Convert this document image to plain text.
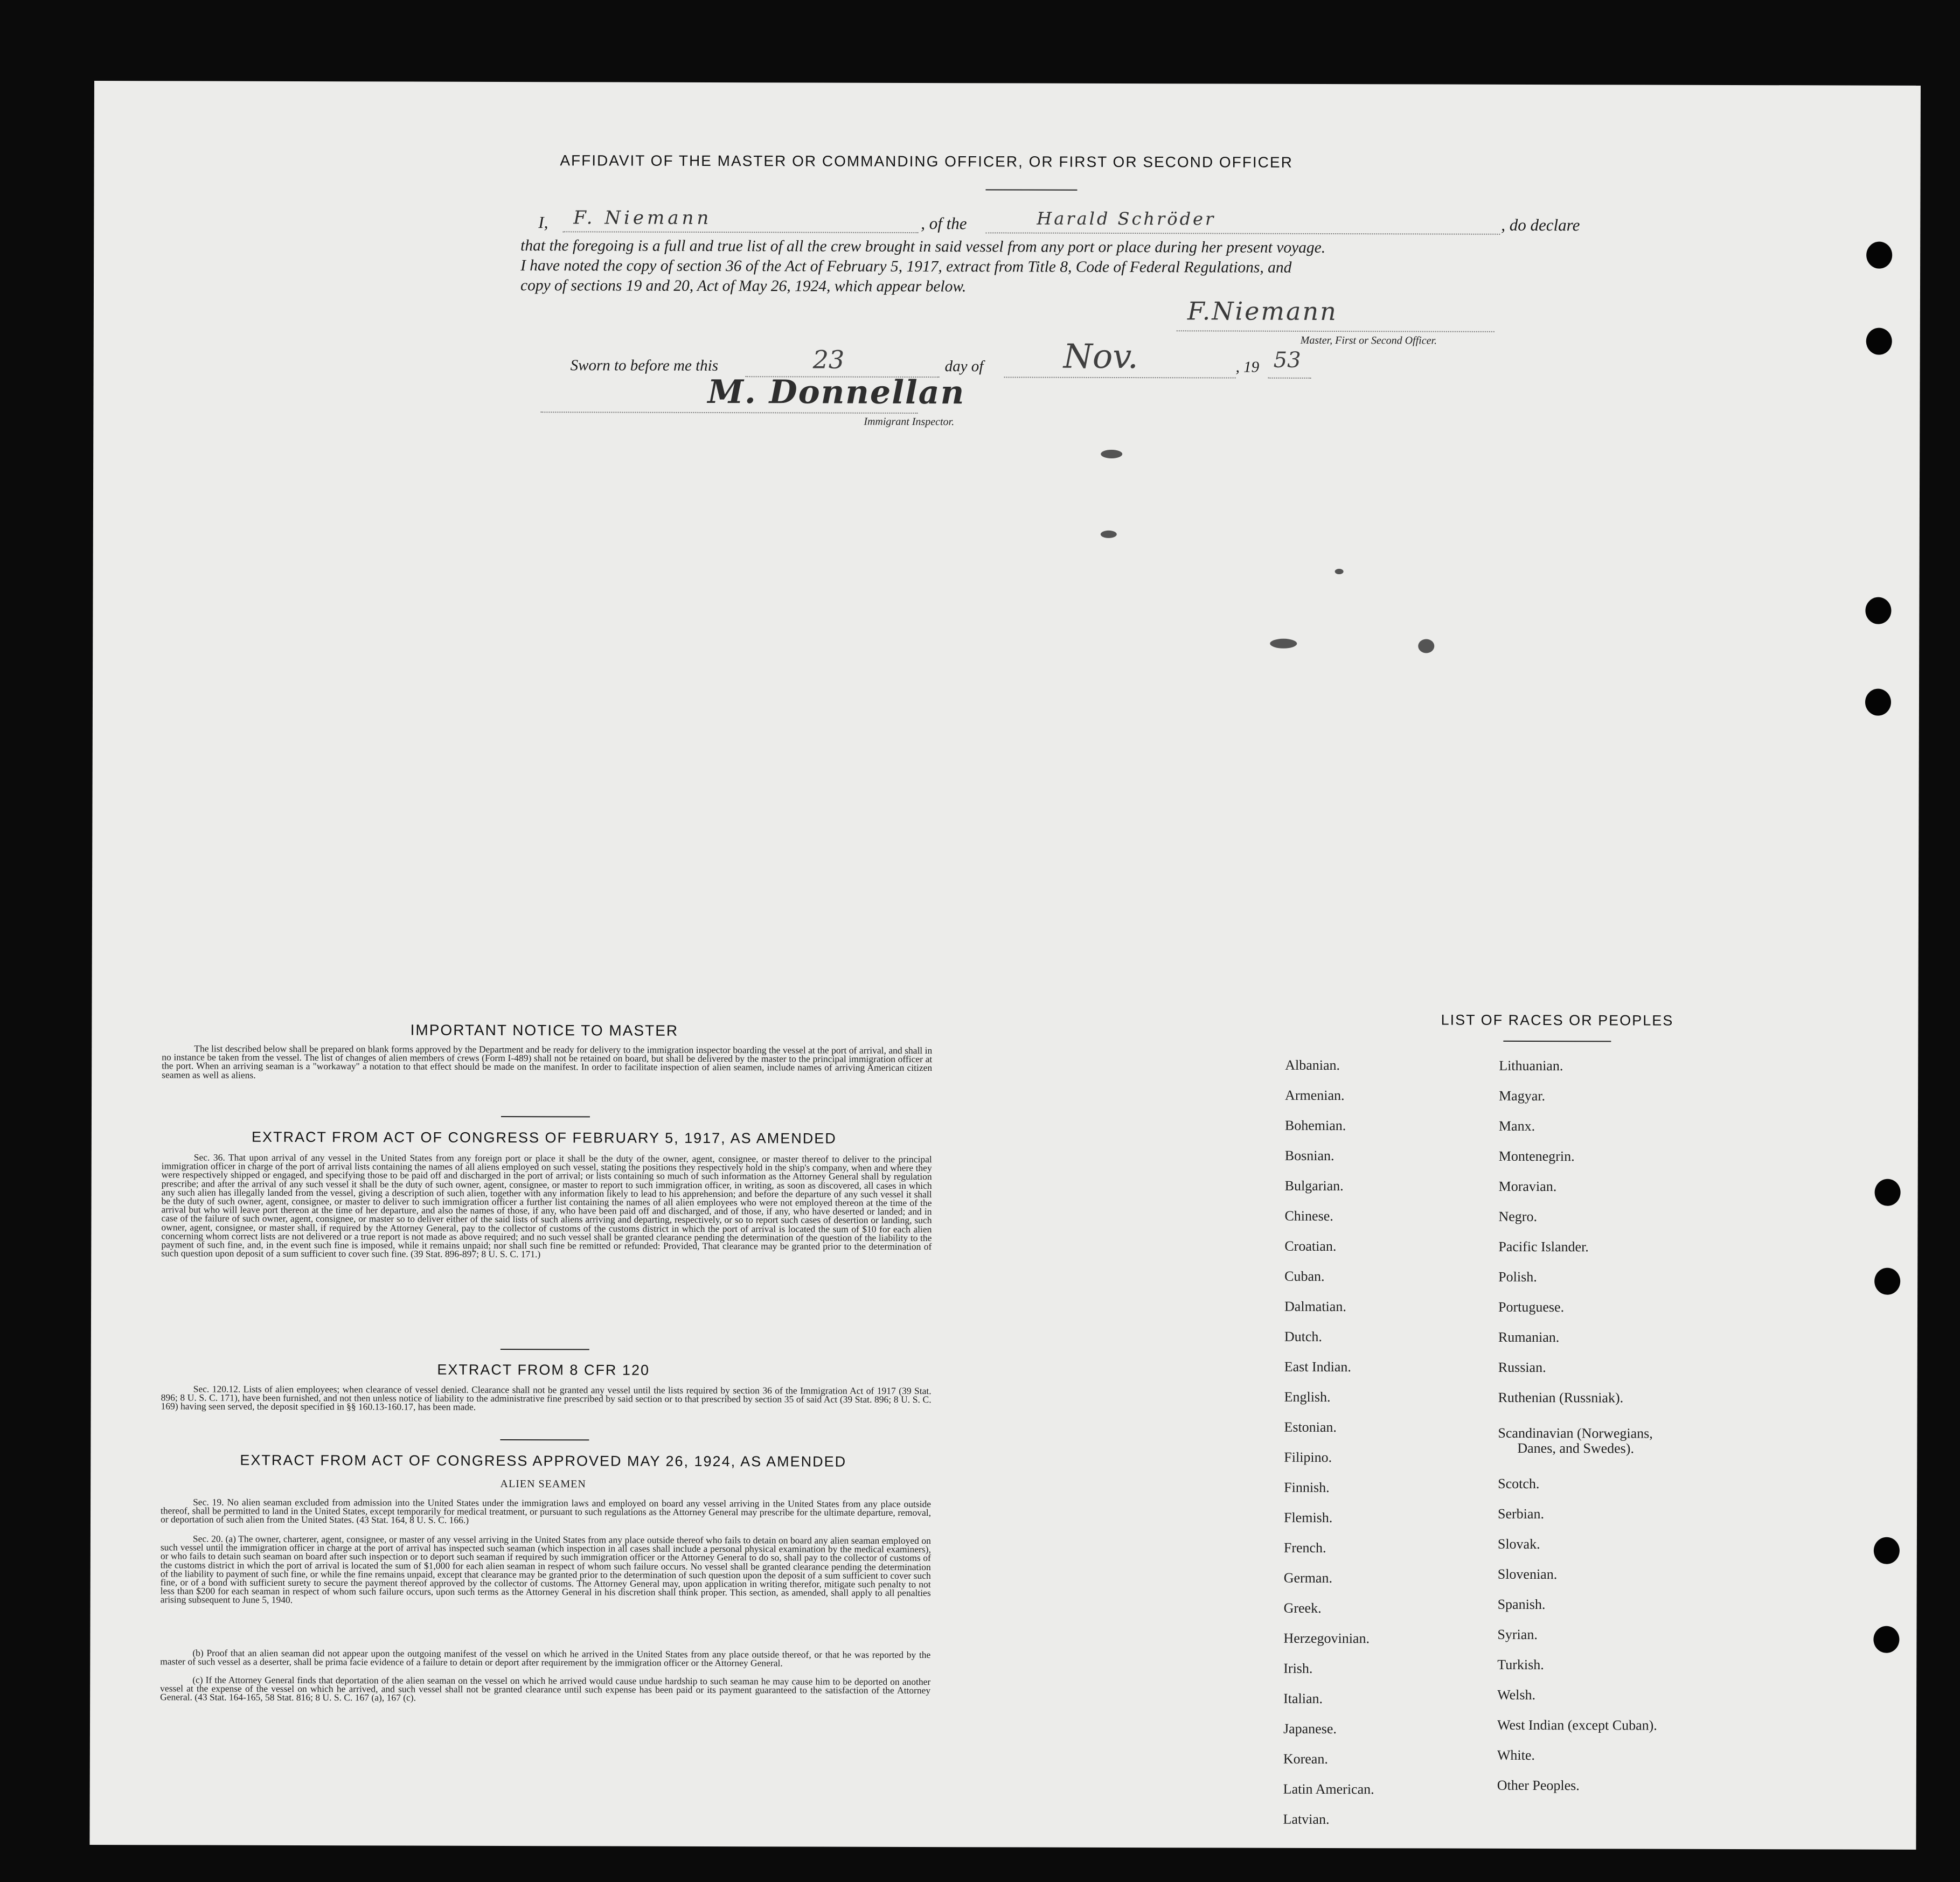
AFFIDAVIT OF THE MASTER OR COMMANDING OFFICER, OR FIRST OR SECOND OFFICER
I, F. Niemann	, of the	Harald Schröder	, do declare
that the foregoing is a full and true list of all the crew brought in said vessel from any port or place during her present voyage.
I have noted the copy of section 36 of the Act of February 5, 1917, extract from Title 8, Code of Federal Regulations, and
copy of sections 19 and 20, Act of May 26, 1924, which appear below.
F.Niemann
Master, First or Second Officer.
Sworn to before me this	23	day of Nov.	, 19 53
M. Donnellan
Immigrant Inspector.
IMPORTANT NOTICE TO MASTER

The list described below shall be prepared on blank forms approved by the Department and be ready for delivery to the immigration inspector boarding the vessel at the port of arrival, and shall in no instance be taken from the vessel. The list of changes of alien members of crews (Form I-489) shall not be retained on board, but shall be delivered by the master to the principal immigration officer at the port. When an arriving seaman is a "workaway" a notation to that effect should be made on the manifest. In order to facilitate inspection of alien seamen, include names of arriving American citizen seamen as well as aliens.

EXTRACT FROM ACT OF CONGRESS OF FEBRUARY 5, 1917, AS AMENDED

Sec. 36. That upon arrival of any vessel in the United States from any foreign port or place it shall be the duty of the owner, agent, consignee, or master thereof to deliver to the principal immigration officer in charge of the port of arrival lists containing the names of all aliens employed on such vessel, stating the positions they respectively hold in the ship's company, when and where they were respectively shipped or engaged, and specifying those to be paid off and discharged in the port of arrival; or lists containing so much of such information as the Attorney General shall by regulation prescribe; and after the arrival of any such vessel it shall be the duty of such owner, agent, consignee, or master to report to such immigration officer, in writing, as soon as discovered, all cases in which any such alien has illegally landed from the vessel, giving a description of such alien, together with any information likely to lead to his apprehension; and before the departure of any such vessel it shall be the duty of such owner, agent, consignee, or master to deliver to such immigration officer a further list containing the names of all alien employees who were not employed thereon at the time of the arrival but who will leave port thereon at the time of her departure, and also the names of those, if any, who have been paid off and discharged, and of those, if any, who have deserted or landed; and in case of the failure of such owner, agent, consignee, or master so to deliver either of the said lists of such aliens arriving and departing, respectively, or so to report such cases of desertion or landing, such owner, agent, consignee, or master shall, if required by the Attorney General, pay to the collector of customs of the customs district in which the port of arrival is located the sum of $10 for each alien concerning whom correct lists are not delivered or a true report is not made as above required; and no such vessel shall be granted clearance pending the determination of the question of the liability to the payment of such fine, and, in the event such fine is imposed, while it remains unpaid; nor shall such fine be remitted or refunded: Provided, That clearance may be granted prior to the determination of such question upon deposit of a sum sufficient to cover such fine. (39 Stat. 896-897; 8 U. S. C. 171.)

EXTRACT FROM 8 CFR 120

Sec. 120.12. Lists of alien employees; when clearance of vessel denied. Clearance shall not be granted any vessel until the lists required by section 36 of the Immigration Act of 1917 (39 Stat. 896; 8 U. S. C. 171), have been furnished, and not then unless notice of liability to the administrative fine prescribed by said section or to that prescribed by section 35 of said Act (39 Stat. 896; 8 U. S. C. 169) having seen served, the deposit specified in §§ 160.13-160.17, has been made.

EXTRACT FROM ACT OF CONGRESS APPROVED MAY 26, 1924, AS AMENDED
ALIEN SEAMEN

Sec. 19. No alien seaman excluded from admission into the United States under the immigration laws and employed on board any vessel arriving in the United States from any place outside thereof, shall be permitted to land in the United States, except temporarily for medical treatment, or pursuant to such regulations as the Attorney General may prescribe for the ultimate departure, removal, or deportation of such alien from the United States. (43 Stat. 164, 8 U. S. C. 166.)

Sec. 20. (a) The owner, charterer, agent, consignee, or master of any vessel arriving in the United States from any place outside thereof who fails to detain on board any alien seaman employed on such vessel until the immigration officer in charge at the port of arrival has inspected such seaman (which inspection in all cases shall include a personal physical examination by the medical examiners), or who fails to detain such seaman on board after such inspection or to deport such seaman if required by such immigration officer or the Attorney General to do so, shall pay to the collector of customs of the customs district in which the port of arrival is located the sum of $1,000 for each alien seaman in respect of whom such failure occurs. No vessel shall be granted clearance pending the determination of the liability to payment of such fine, or while the fine remains unpaid, except that clearance may be granted prior to the determination of such question upon the deposit of a sum sufficient to cover such fine, or of a bond with sufficient surety to secure the payment thereof approved by the collector of customs. The Attorney General may, upon application in writing therefor, mitigate such penalty to not less than $200 for each seaman in respect of whom such failure occurs, upon such terms as the Attorney General in his discretion shall think proper. This section, as amended, shall apply to all penalties arising subsequent to June 5, 1940.

(b) Proof that an alien seaman did not appear upon the outgoing manifest of the vessel on which he arrived in the United States from any place outside thereof, or that he was reported by the master of such vessel as a deserter, shall be prima facie evidence of a failure to detain or deport after requirement by the immigration officer or the Attorney General.

(c) If the Attorney General finds that deportation of the alien seaman on the vessel on which he arrived would cause undue hardship to such seaman he may cause him to be deported on another vessel at the expense of the vessel on which he arrived, and such vessel shall not be granted clearance until such expense has been paid or its payment guaranteed to the satisfaction of the Attorney General. (43 Stat. 164-165, 58 Stat. 816; 8 U. S. C. 167 (a), 167 (c).

LIST OF RACES OR PEOPLES
Albanian.
Armenian.
Bohemian.
Bosnian.
Bulgarian.
Chinese.
Croatian.
Cuban.
Dalmatian.
Dutch.
East Indian.
English.
Estonian.
Filipino.
Finnish.
Flemish.
French.
German.
Greek.
Herzegovinian.
Irish.
Italian.
Japanese.
Korean.
Latin American.
Latvian.
Lithuanian.
Magyar.
Manx.
Montenegrin.
Moravian.
Negro.
Pacific Islander.
Polish.
Portuguese.
Rumanian.
Russian.
Ruthenian (Russniak).
Scandinavian (Norwegians,
Danes, and Swedes).
Scotch.
Serbian.
Slovak.
Slovenian.
Spanish.
Syrian.
Turkish.
Welsh.
West Indian (except Cuban).
White.
Other Peoples.
